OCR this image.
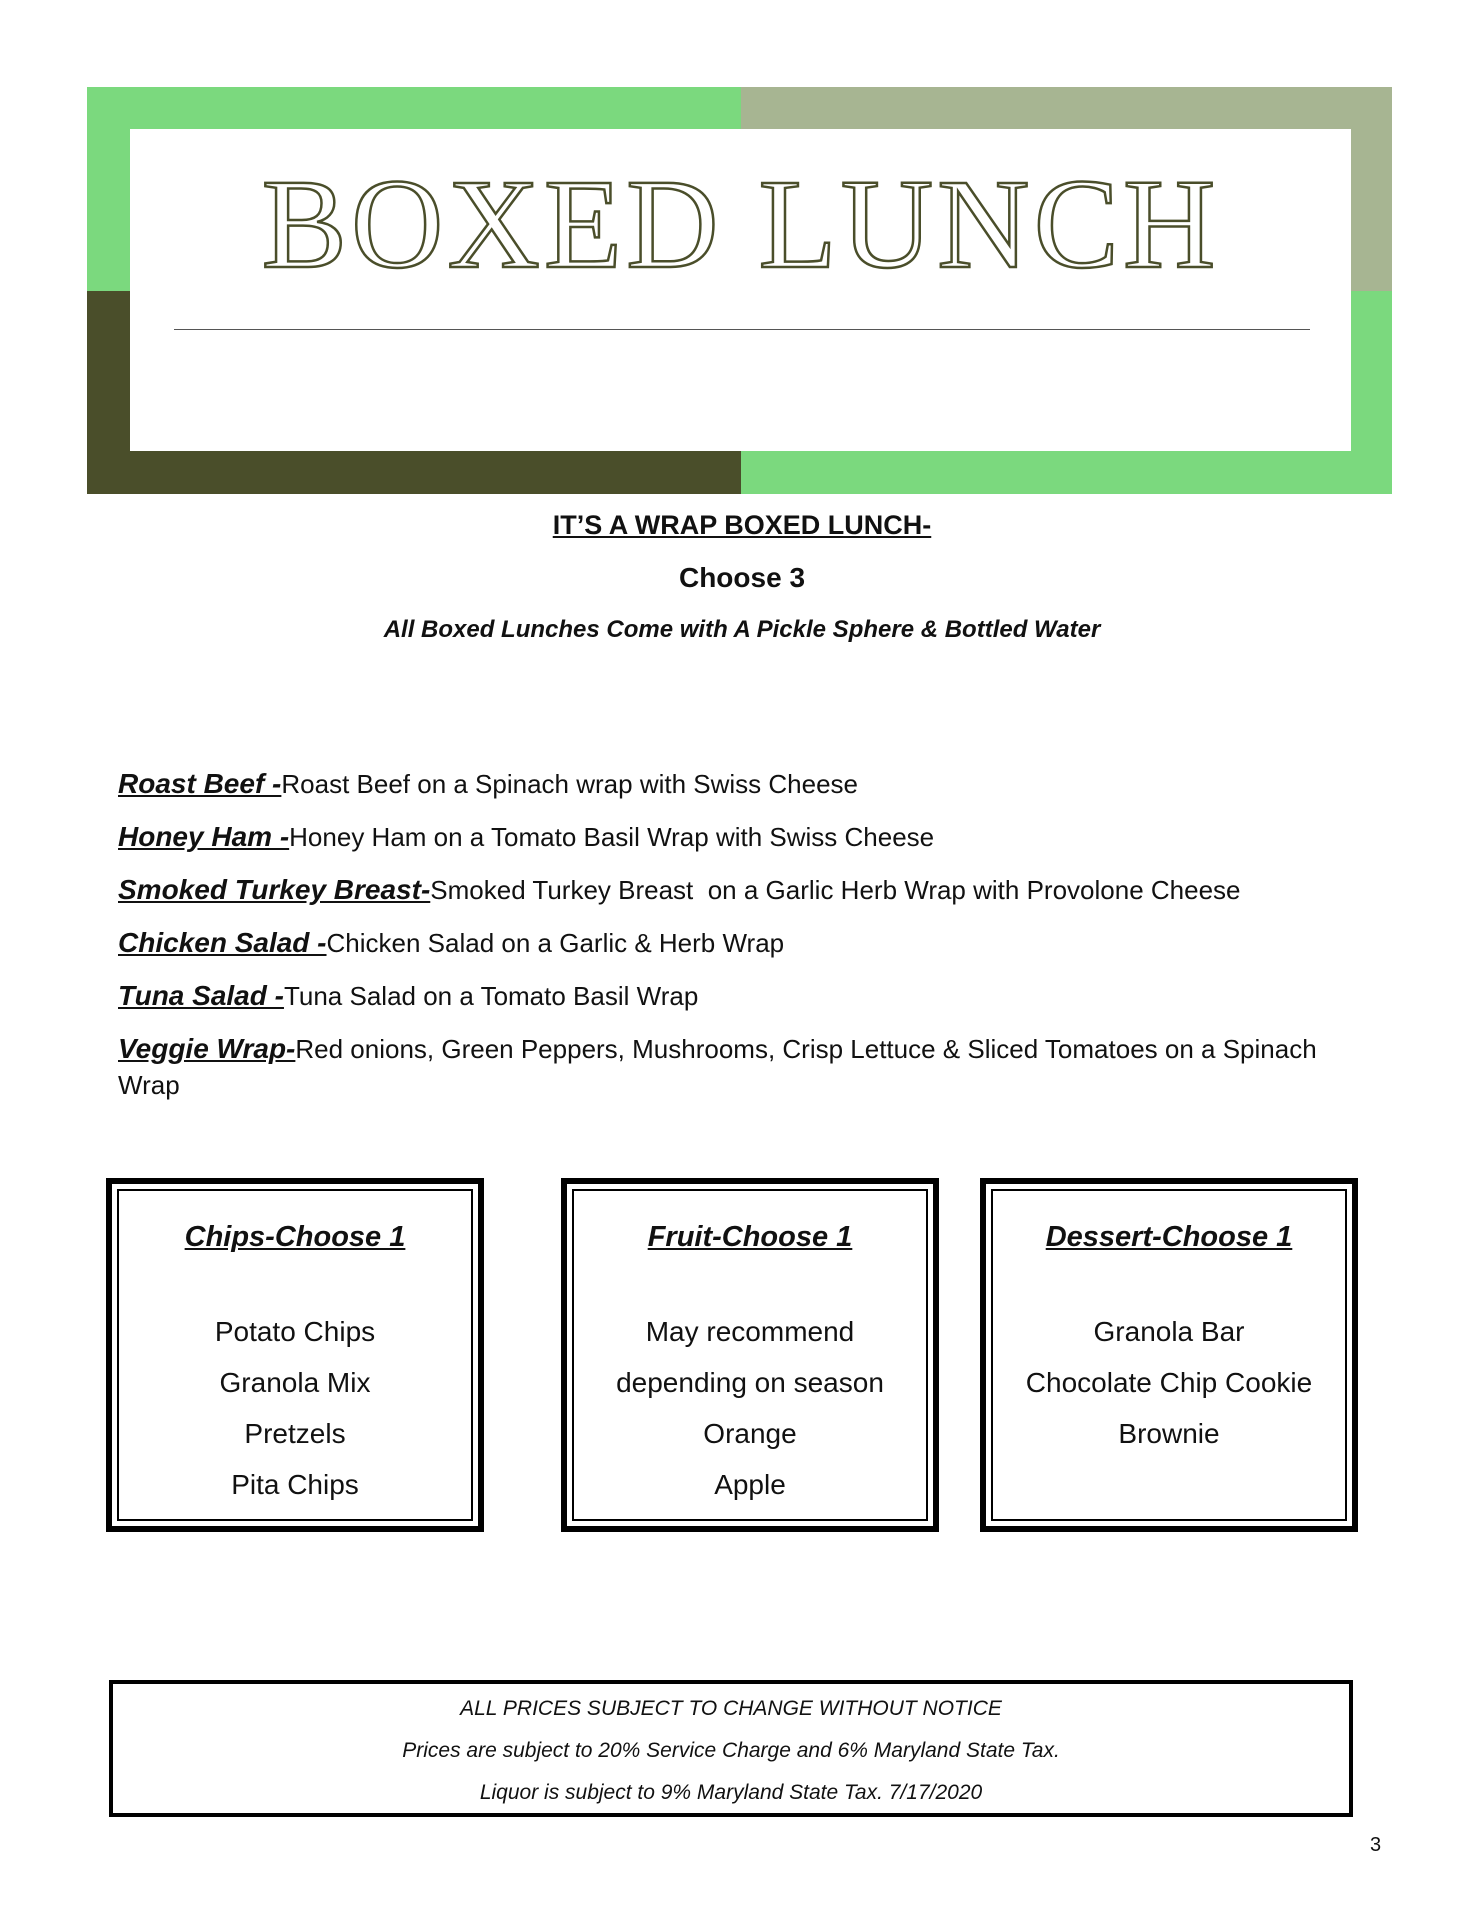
BOXED LUNCH
IT’S A WRAP BOXED LUNCH-
Choose 3
All Boxed Lunches Come with A Pickle Sphere & Bottled Water
Roast Beef -Roast Beef on a Spinach wrap with Swiss Cheese
Honey Ham -Honey Ham on a Tomato Basil Wrap with Swiss Cheese
Smoked Turkey Breast-Smoked Turkey Breast  on a Garlic Herb Wrap with Provolone Cheese
Chicken Salad -Chicken Salad on a Garlic & Herb Wrap
Tuna Salad -Tuna Salad on a Tomato Basil Wrap
Veggie Wrap-Red onions, Green Peppers, Mushrooms, Crisp Lettuce & Sliced Tomatoes on a Spinach Wrap
Chips-Choose 1
Potato Chips
Granola Mix
Pretzels
Pita Chips
Fruit-Choose 1
May recommend
depending on season
Orange
Apple
Dessert-Choose 1
Granola Bar
Chocolate Chip Cookie
Brownie
ALL PRICES SUBJECT TO CHANGE WITHOUT NOTICE
Prices are subject to 20% Service Charge and 6% Maryland State Tax.
Liquor is subject to 9% Maryland State Tax. 7/17/2020
3
